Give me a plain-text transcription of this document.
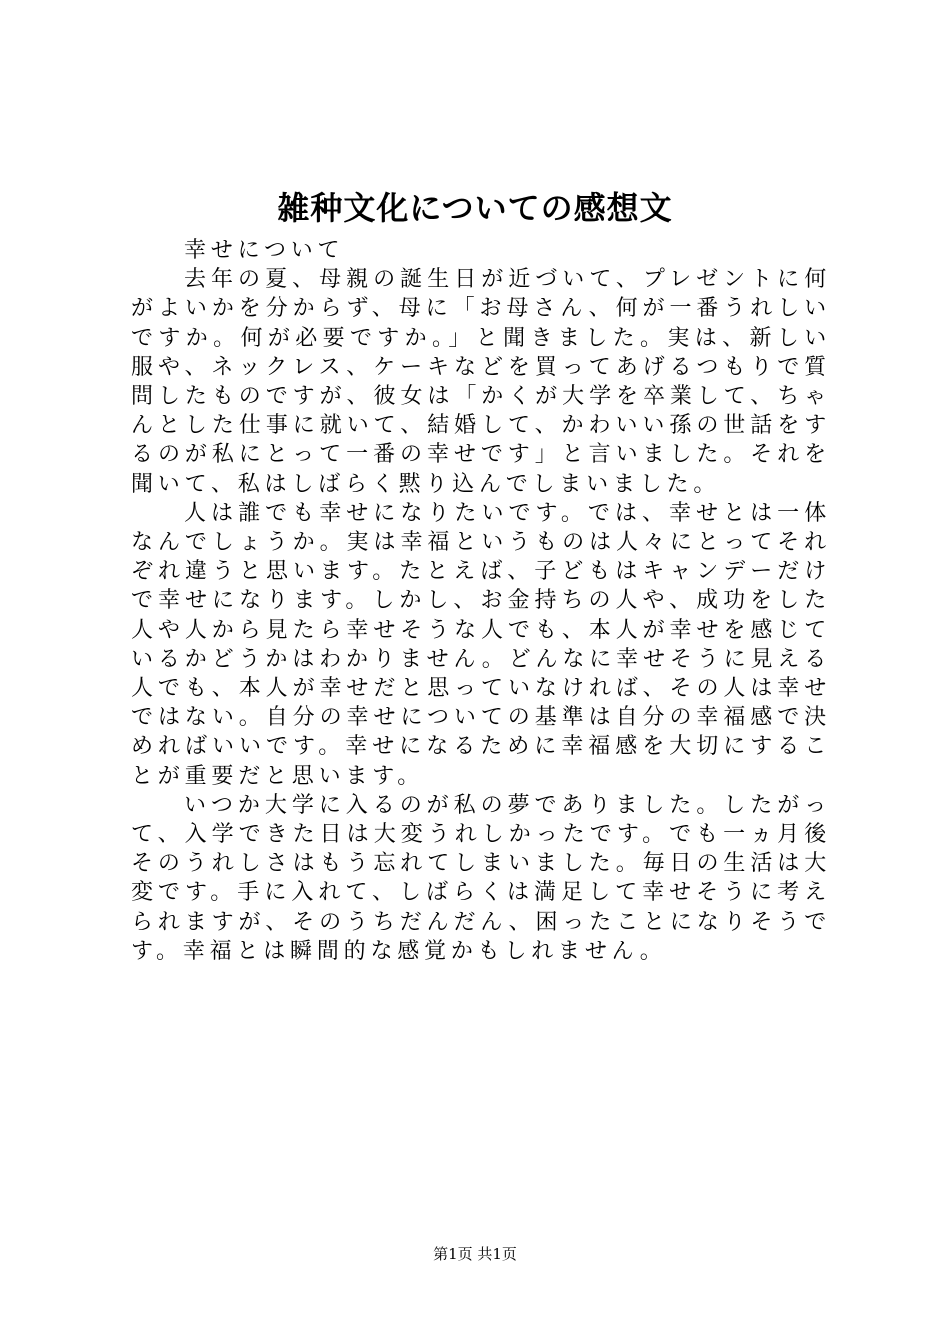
雑种文化についての感想文

幸せについて

去年の夏、母親の誕生日が近づいて、プレゼントに何がよいかを分からず、母に「お母さん、何が一番うれしいですか。何が必要ですか。」と聞きました。実は、新しい服や、ネックレス、ケーキなどを買ってあげるつもりで質問したものですが、彼女は「かくが大学を卒業して、ちゃんとした仕事に就いて、結婚して、かわいい孫の世話をするのが私にとって一番の幸せです」と言いました。それを聞いて、私はしばらく黙り込んでしまいました。

人は誰でも幸せになりたいです。では、幸せとは一体なんでしょうか。実は幸福というものは人々にとってそれぞれ違うと思います。たとえば、子どもはキャンデーだけで幸せになります。しかし、お金持ちの人や、成功をした人や人から見たら幸せそうな人でも、本人が幸せを感じているかどうかはわかりません。どんなに幸せそうに見える人でも、本人が幸せだと思っていなければ、その人は幸せではない。自分の幸せについての基準は自分の幸福感で決めればいいです。幸せになるために幸福感を大切にすることが重要だと思います。

いつか大学に入るのが私の夢でありました。したがって、入学できた日は大変うれしかったです。でも一ヵ月後そのうれしさはもう忘れてしまいました。毎日の生活は大変です。手に入れて、しばらくは満足して幸せそうに考えられますが、そのうちだんだん、困ったことになりそうです。幸福とは瞬間的な感覚かもしれません。

第1页 共1页
